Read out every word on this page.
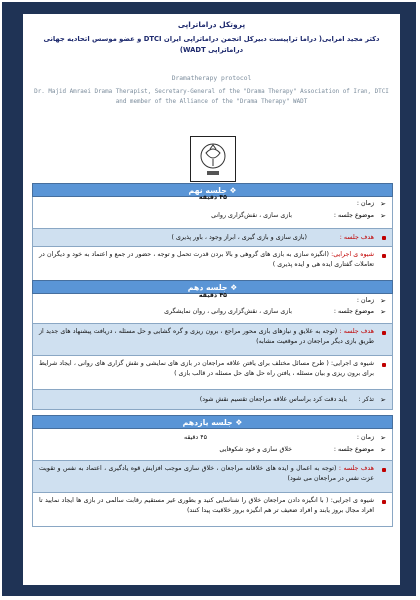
پروتکل دراماتراپی
دکتر مجید امرایی( دراما تراپیست دبیرکل انجمن دراماتراپی ایران DTCI و عضو موسس اتحادیه جهانی دراماتراپی WADT)
Dramatherapy protocol
Dr. Majid Amraei Drama Therapist, Secretary-General of the "Drama Therapy" Association of Iran, DTCI and member of the Alliance of the "Drama Therapy" WADT
❖ جلسه نهم
➢
زمان :
۴۵ دقیقه
➢
موضوع جلسه :
بازی سازی ، نقش‌گزاری روانی
هدف جلسه :
(بازی سازی و بازی گیری ، ابراز وجود ، باور پذیری )
شیوه ی اجرایی: (انگیزه سازی به بازی های گروهی و بالا بردن قدرت تحمل و توجه ، حضور در جمع و اعتماد به خود و دیگران در تعاملات گفتاری ایده هی و ایده پذیری )
❖ جلسه دهم
➢
زمان :
۴۵ دقیقه
➢
موضوع جلسه :
بازی سازی ، نقش‌گزاری روانی ، روان نمایشگری
هدف جلسه : (توجه به علایق و نیازهای بازی محور مراجع ، برون ریزی و گره گشایی و حل مسئله ، دریافت پیشنهاد های جدید از طریق بازی دیگر مراجعان در موقعیت مشابه)
شیوه ی اجرایی: ( طرح مسائل مختلف برای یافتن علاقه مراجعان در بازی های نمایشی و نقش گزاری های روانی ، ایجاد شرایط برای برون ریزی و بیان مسئله ، یافتن راه حل های حل مسئله در قالب بازی )
➢
تذکر :
باید دقت کرد براساس علاقه مراجعان تقسیم نقش شود)
❖ جلسه یازدهم
➢
زمان :
۴۵ دقیقه
➢
موضوع جلسه :
خلاق سازی و خود شکوفایی
هدف جلسه : (توجه به اعمال و ایده های خلاقانه مراجعان ، خلاق سازی موجب افزایش قوه یادگیری ، اعتماد به نفس و تقویت عزت نفس در مراجعان می شود)
شیوه ی اجرایی: ( با انگیزه دادن مراجعان خلاق را شناسایی کنید و بطوری غیر مستقیم رقابت سالمی در بازی ها ایجاد نمایید تا افراد مجال بروز یابند و افراد ضعیف تر هم انگیزه بروز خلاقیت پیدا کنند)
